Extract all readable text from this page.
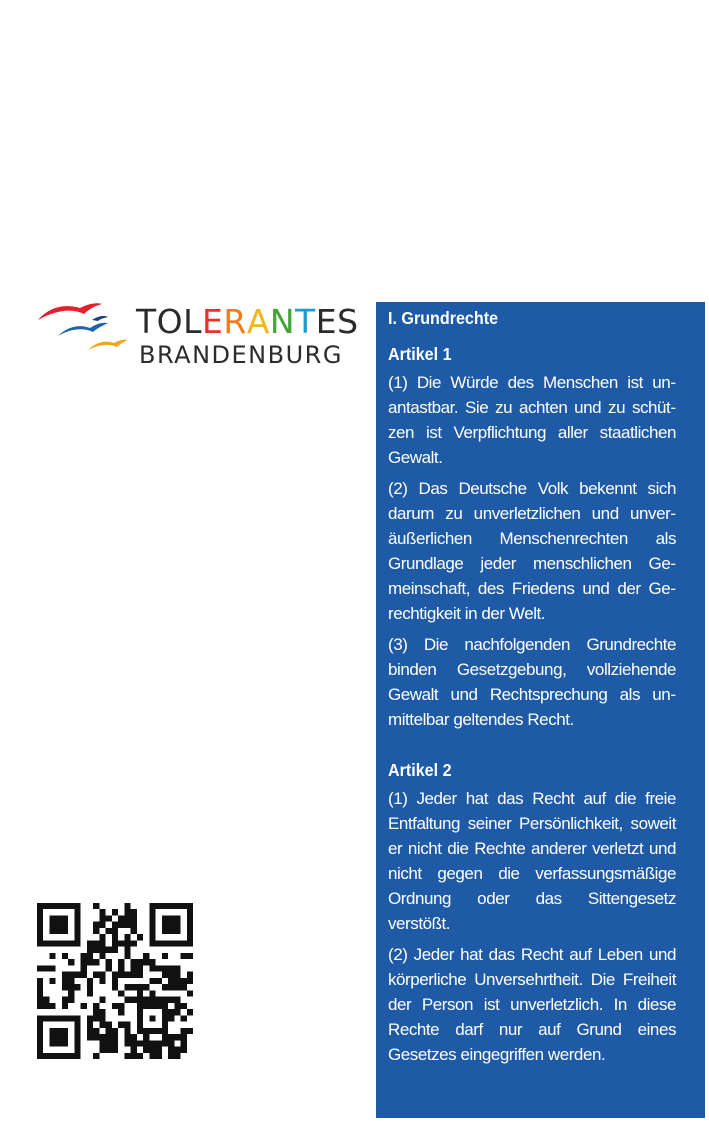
TOLERANTES
BRANDENBURG
I. Grundrechte
Artikel 1

(1) Die Würde des Menschen ist unantastbar. Sie zu achten und zu schützen ist Verpflichtung aller staatlichen Gewalt.

(2) Das Deutsche Volk bekennt sich darum zu unverletzlichen und unveräußerlichen Menschenrechten als Grundlage jeder menschlichen Gemeinschaft, des Friedens und der Gerechtigkeit in der Welt.

(3) Die nachfolgenden Grundrechte binden Gesetzgebung, vollziehende Gewalt und Rechtsprechung als unmittelbar geltendes Recht.

Artikel 2

(1) Jeder hat das Recht auf die freie Entfaltung seiner Persönlichkeit, soweit er nicht die Rechte anderer verletzt und nicht gegen die verfassungsmäßige Ordnung oder das Sittengesetz verstößt.

(2) Jeder hat das Recht auf Leben und körperliche Unversehrtheit. Die Freiheit der Person ist unverletzlich. In diese Rechte darf nur auf Grund eines Gesetzes eingegriffen werden.
